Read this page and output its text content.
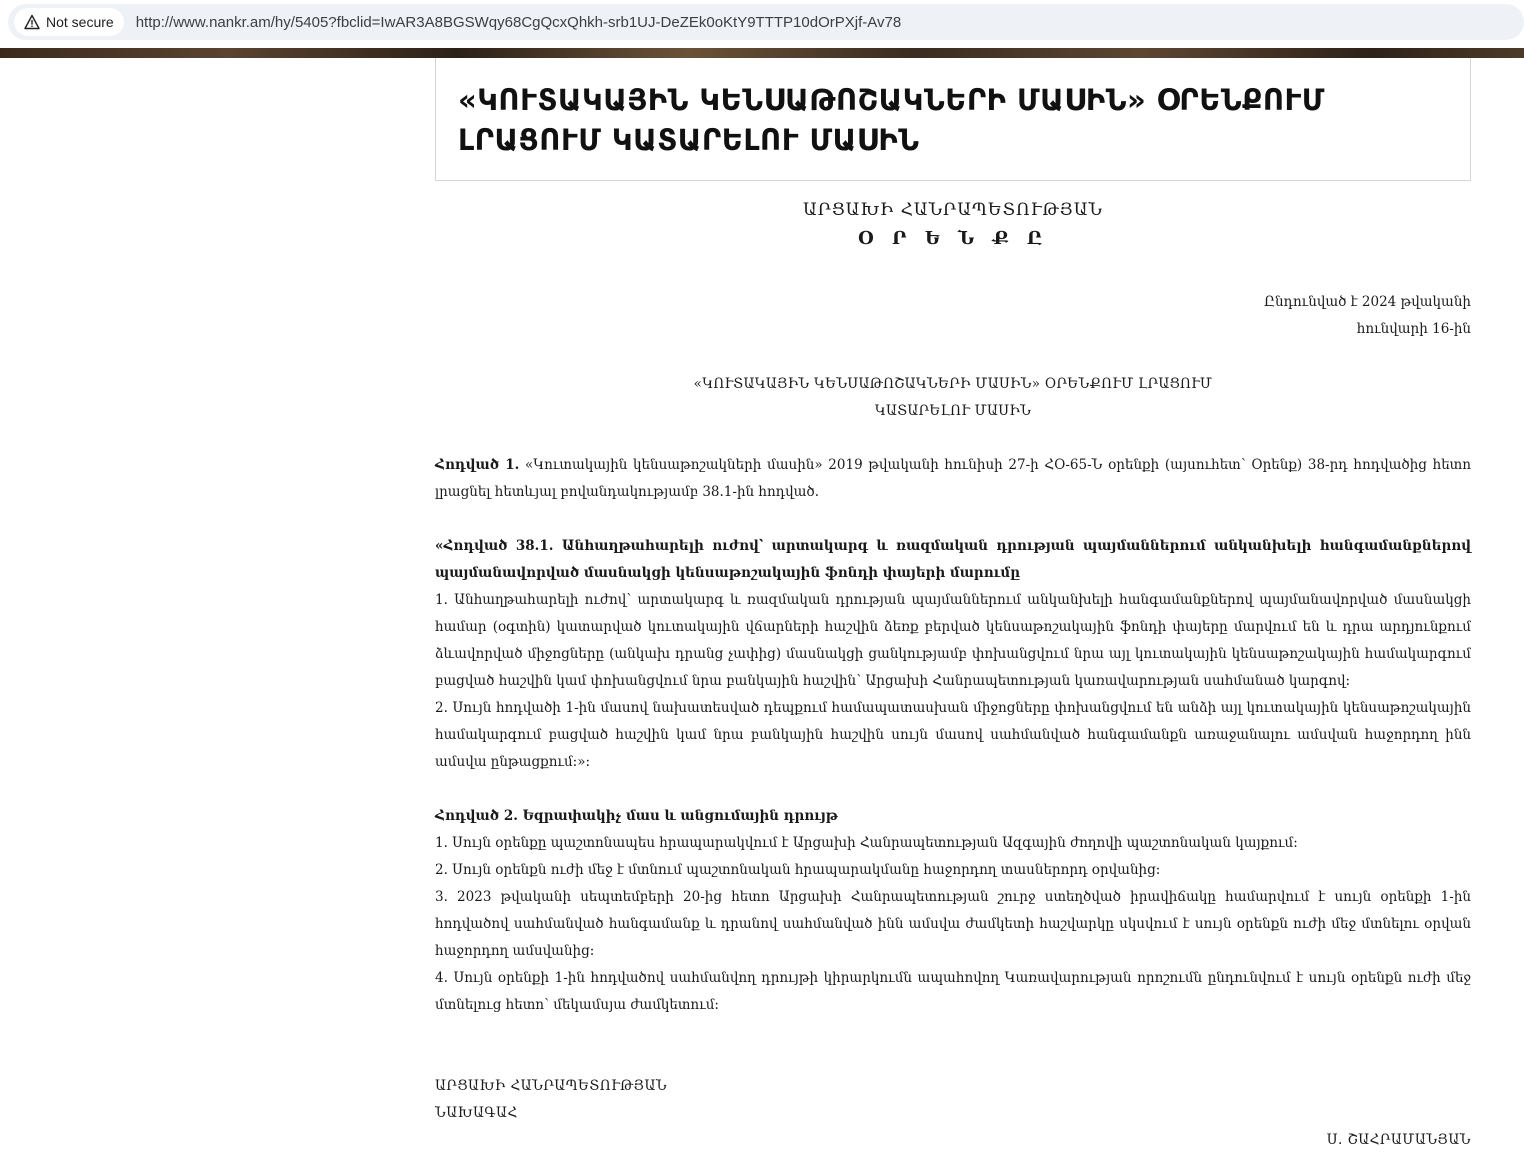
Not secure http://www.nankr.am/hy/5405?fbclid=IwAR3A8BGSWqy68CgQcxQhkh-srb1UJ-DeZEk0oKtY9TTTP10dOrPXjf-Av78
«ԿՈՒՏԱԿԱՅԻՆ ԿԵՆՍԱԹՈՇԱԿՆԵՐԻ ՄԱՍԻՆ» ՕՐԵՆՔՈՒՄ ԼՐԱՑՈՒՄ ԿԱՏԱՐԵԼՈՒ ՄԱՍԻՆ
ԱՐՑԱԽԻ ՀԱՆՐԱՊԵՏՈՒԹՅԱՆ
Օ Ր Ե Ն Ք Ը
Ընդունված է 2024 թվականի
հունվարի 16-ին
«ԿՈՒՏԱԿԱՅԻՆ ԿԵՆՍԱԹՈՇԱԿՆԵՐԻ ՄԱՍԻՆ» ՕՐԵՆՔՈՒՄ ԼՐԱՑՈՒՄ
ԿԱՏԱՐԵԼՈՒ ՄԱՍԻՆ

Հոդված 1. «Կուտակային կենսաթոշակների մասին» 2019 թվականի հունիսի 27-ի ՀՕ-65-Ն օրենքի (այսուհետ՝ Օրենք) 38-րդ հոդվածից հետո լրացնել հետևյալ բովանդակությամբ 38.1-ին հոդված.

«Հոդված 38.1. Անհաղթահարելի ուժով՝ արտակարգ և ռազմական դրության պայմաններում անկանխելի հանգամանքներով պայմանավորված մասնակցի կենսաթոշակային ֆոնդի փայերի մարումը

1. Անհաղթահարելի ուժով՝ արտակարգ և ռազմական դրության պայմաններում անկանխելի հանգամանքներով պայմանավորված մասնակցի համար (օգտին) կատարված կուտակային վճարների հաշվին ձեռք բերված կենսաթոշակային ֆոնդի փայերը մարվում են և դրա արդյունքում ձևավորված միջոցները (անկախ դրանց չափից) մասնակցի ցանկությամբ փոխանցվում նրա այլ կուտակային կենսաթոշակային համակարգում բացված հաշվին կամ փոխանցվում նրա բանկային հաշվին՝ Արցախի Հանրապետության կառավարության սահմանած կարգով:

2. Սույն հոդվածի 1-ին մասով նախատեսված դեպքում համապատասխան միջոցները փոխանցվում են անձի այլ կուտակային կենսաթոշակային համակարգում բացված հաշվին կամ նրա բանկային հաշվին սույն մասով սահմանված հանգամանքն առաջանալու ամսվան հաջորդող ինն ամսվա ընթացքում:»:

Հոդված 2. Եզրափակիչ մաս և անցումային դրույթ

1. Սույն օրենքը պաշտոնապես հրապարակվում է Արցախի Հանրապետության Ազգային ժողովի պաշտոնական կայքում:

2. Սույն օրենքն ուժի մեջ է մտնում պաշտոնական հրապարակմանը հաջորդող տասներորդ օրվանից:

3. 2023 թվականի սեպտեմբերի 20-ից հետո Արցախի Հանրապետության շուրջ ստեղծված իրավիճակը համարվում է սույն օրենքի 1-ին հոդվածով սահմանված հանգամանք և դրանով սահմանված ինն ամսվա ժամկետի հաշվարկը սկսվում է սույն օրենքն ուժի մեջ մտնելու օրվան հաջորդող ամսվանից:

4. Սույն օրենքի 1-ին հոդվածով սահմանվող դրույթի կիրարկումն ապահովող Կառավարության որոշումն ընդունվում է սույն օրենքն ուժի մեջ մտնելուց հետո՝ մեկամսյա ժամկետում:

ԱՐՑԱԽԻ ՀԱՆՐԱՊԵՏՈՒԹՅԱՆ
ՆԱԽԱԳԱՀ
Ս. ՇԱՀՐԱՄԱՆՅԱՆ
